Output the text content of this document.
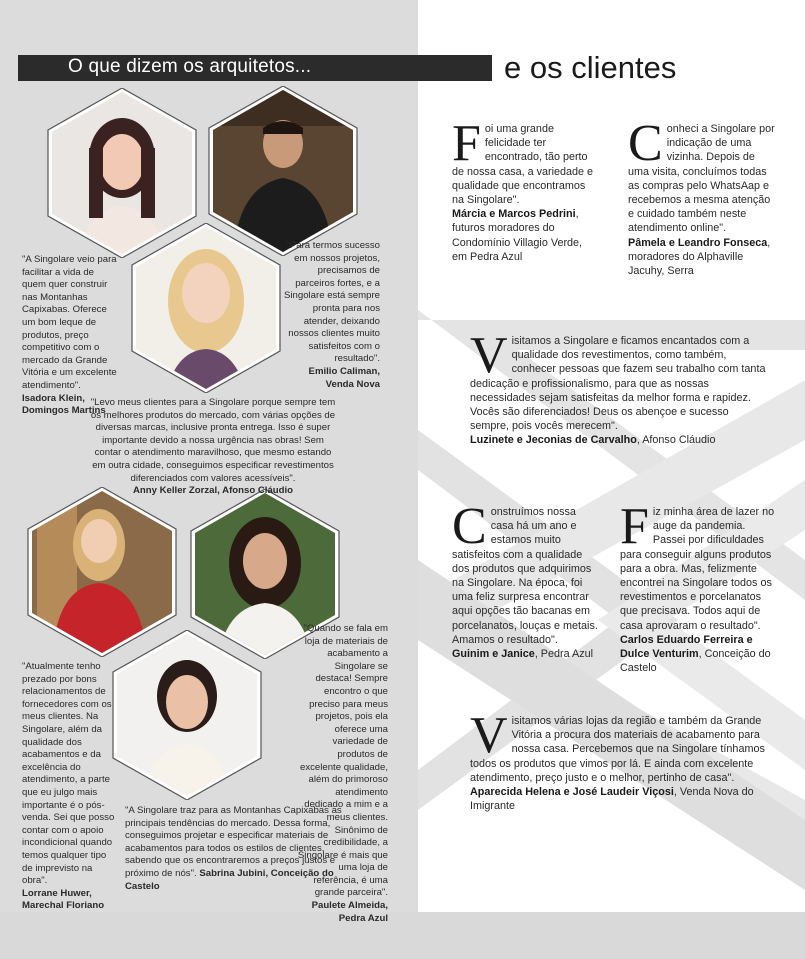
O que dizem os arquitetos...	e os clientes
"A Singolare veio para facilitar a vida de quem quer construir nas Montanhas Capixabas. Oferece um bom leque de produtos, preço competitivo com o mercado da Grande Vitória e um excelente atendimento".
Isadora Klein,
Domingos Martins
"Para termos sucesso em nossos projetos, precisamos de parceiros fortes, e a Singolare está sempre pronta para nos atender, deixando nossos clientes muito satisfeitos com o resultado".
Emilio Caliman,
Venda Nova
"Levo meus clientes para a Singolare porque sempre tem os melhores produtos do mercado, com várias opções de diversas marcas, inclusive pronta entrega. Isso é super importante devido a nossa urgência nas obras! Sem contar o atendimento maravilhoso, que mesmo estando em outra cidade, conseguimos especificar revestimentos diferenciados com valores acessíveis".
Anny Keller Zorzal, Afonso Cláudio
"Atualmente tenho prezado por bons relacionamentos de fornecedores com os meus clientes. Na Singolare, além da qualidade dos acabamentos e da excelência do atendimento, a parte que eu julgo mais importante é o pós-venda. Sei que posso contar com o apoio incondicional quando temos qualquer tipo de imprevisto na obra".
Lorrane Huwer,
Marechal Floriano
"Quando se fala em loja de materiais de acabamento a Singolare se destaca! Sempre encontro o que preciso para meus projetos, pois ela oferece uma variedade de produtos de excelente qualidade, além do primoroso atendimento dedicado a mim e a meus clientes. Sinônimo de credibilidade, a Singolare é mais que uma loja de referência, é uma grande parceira".
Paulete Almeida, Pedra Azul
"A Singolare traz para as Montanhas Capixabas as principais tendências do mercado. Dessa forma, conseguimos projetar e especificar materiais de acabamentos para todos os estilos de clientes, sabendo que os encontraremos a preços justos e próximo de nós". Sabrina Jubini, Conceição do Castelo
Foi uma grande felicidade ter encontrado, tão perto de nossa casa, a variedade e qualidade que encontramos na Singolare".
Márcia e Marcos Pedrini, futuros moradores do Condomínio Villagio Verde, em Pedra Azul
Conheci a Singolare por indicação de uma vizinha. Depois de uma visita, concluímos todas as compras pelo WhatsAap e recebemos a mesma atenção e cuidado também neste atendimento online".
Pâmela e Leandro Fonseca, moradores do Alphaville Jacuhy, Serra
Visitamos a Singolare e ficamos encantados com a qualidade dos revestimentos, como também, conhecer pessoas que fazem seu trabalho com tanta dedicação e profissionalismo, para que as nossas necessidades sejam satisfeitas da melhor forma e rapidez. Vocês são diferenciados! Deus os abençoe e sucesso sempre, pois vocês merecem".
Luzinete e Jeconias de Carvalho, Afonso Cláudio
Construímos nossa casa há um ano e estamos muito satisfeitos com a qualidade dos produtos que adquirimos na Singolare. Na época, foi uma feliz surpresa encontrar aqui opções tão bacanas em porcelanatos, louças e metais. Amamos o resultado".
Guinim e Janice, Pedra Azul
Fiz minha área de lazer no auge da pandemia. Passei por dificuldades para conseguir alguns produtos para a obra. Mas, felizmente encontrei na Singolare todos os revestimentos e porcelanatos que precisava. Todos aqui de casa aprovaram o resultado".
Carlos Eduardo Ferreira e Dulce Venturim, Conceição do Castelo
Visitamos várias lojas da região e também da Grande Vitória a procura dos materiais de acabamento para nossa casa. Percebemos que na Singolare tínhamos todos os produtos que vimos por lá. E ainda com excelente atendimento, preço justo e o melhor, pertinho de casa".
Aparecida Helena e José Laudeir Viçosi, Venda Nova do Imigrante
